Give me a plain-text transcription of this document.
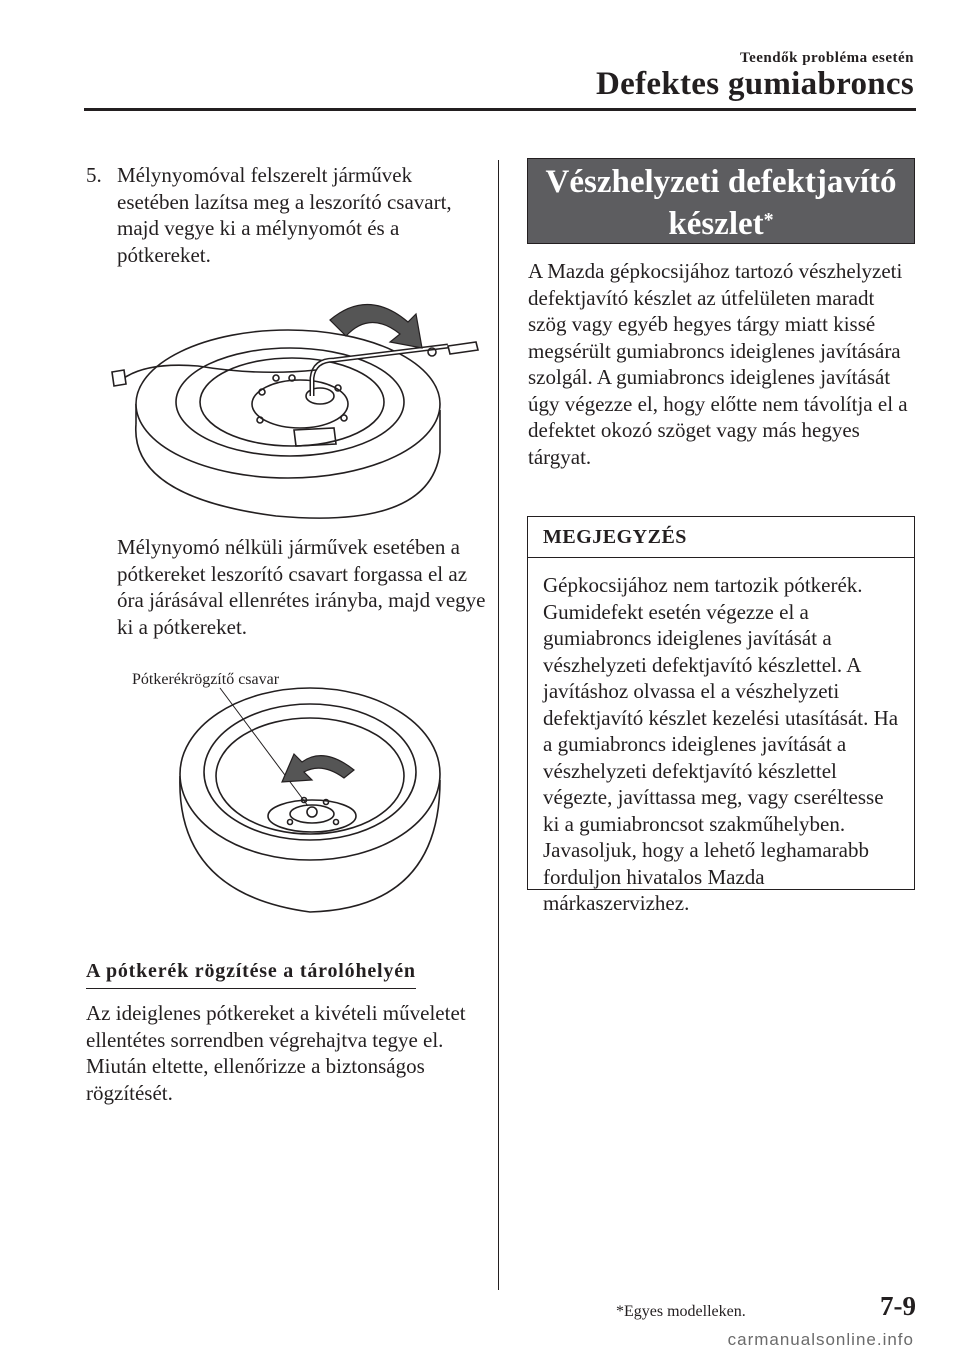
Teendők probléma esetén
Defektes gumiabroncs
5. Mélynyomóval felszerelt járművek esetében lazítsa meg a leszorító csavart, majd vegye ki a mélynyomót és a pótkereket.
Mélynyomó nélküli járművek esetében a pótkereket leszorító csavart forgassa el az óra járásával ellenrétes irányba, majd vegye ki a pótkereket.
Pótkerékrögzítő csavar
A pótkerék rögzítése a tárolóhelyén
Az ideiglenes pótkereket a kivételi műveletet ellentétes sorrendben végrehajtva tegye el. Miután eltette, ellenőrizze a biztonságos rögzítését.
Vészhelyzeti defektjavító
készlet*
A Mazda gépkocsijához tartozó vészhelyzeti defektjavító készlet az útfelületen maradt szög vagy egyéb hegyes tárgy miatt kissé megsérült gumiabroncs ideiglenes javítására szolgál. A gumiabroncs ideiglenes javítását úgy végezze el, hogy előtte nem távolítja el a defektet okozó szöget vagy más hegyes tárgyat.
MEGJEGYZÉS
Gépkocsijához nem tartozik pótkerék. Gumidefekt esetén végezze el a gumiabroncs ideiglenes javítását a vészhelyzeti defektjavító készlettel. A javításhoz olvassa el a vészhelyzeti defektjavító készlet kezelési utasítását. Ha a gumiabroncs ideiglenes javítását a vészhelyzeti defektjavító készlettel végezte, javíttassa meg, vagy cseréltesse ki a gumiabroncsot szakműhelyben. Javasoljuk, hogy a lehető leghamarabb forduljon hivatalos Mazda márkaszervizhez.
*Egyes modelleken.	7-9
carmanualsonline.info
